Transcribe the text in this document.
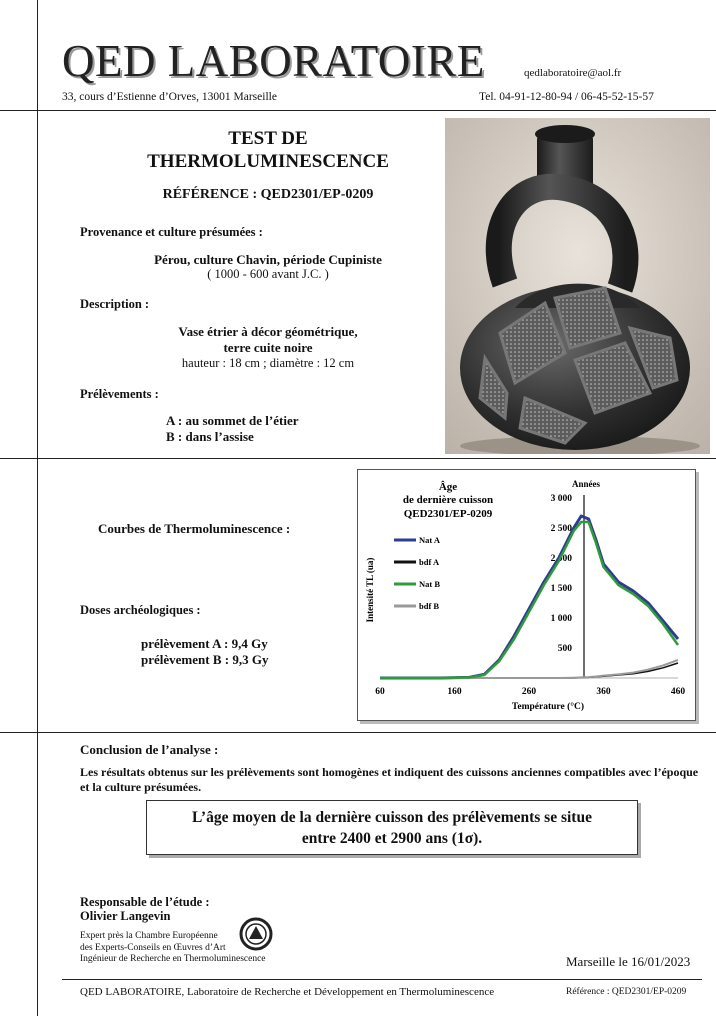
QED LABORATOIRE	qedlaboratoire@aol.fr
33, cours d’Estienne d’Orves, 13001 Marseille	Tel. 04-91-12-80-94 / 06-45-52-15-57
TEST DE
THERMOLUMINESCENCE
RÉFÉRENCE : QED2301/EP-0209
Provenance et culture présumées :
Pérou, culture Chavin, période Cupiniste
( 1000 - 600 avant J.C. )
Description :
Vase étrier à décor géométrique,
terre cuite noire
hauteur : 18 cm ; diamètre : 12 cm
Prélèvements :
A : au sommet de l’étier
B : dans l’assise
Courbes de Thermoluminescence :
Doses archéologiques :
prélèvement A : 9,4 Gy
prélèvement B : 9,3 Gy
Âge
de dernière cuisson
QED2301/EP-0209
Années
Température (°C)
Intensité TL (ua)
60	160	260	360	460
500
1 000
1 500
2 000
2 500
3 000
Nat A
bdf A
Nat B
bdf B
Conclusion de l’analyse :
Les résultats obtenus sur les prélèvements sont homogènes et indiquent des cuissons anciennes compatibles avec l’époque et la culture présumées.
L’âge moyen de la dernière cuisson des prélèvements se situe
entre 2400 et 2900 ans (1σ).
Responsable de l’étude :
Olivier Langevin
Expert près la Chambre Européenne
des Experts-Conseils en Œuvres d’Art
Ingénieur de Recherche en Thermoluminescence	Marseille le 16/01/2023
QED LABORATOIRE, Laboratoire de Recherche et Développement en Thermoluminescence	Référence : QED2301/EP-0209
